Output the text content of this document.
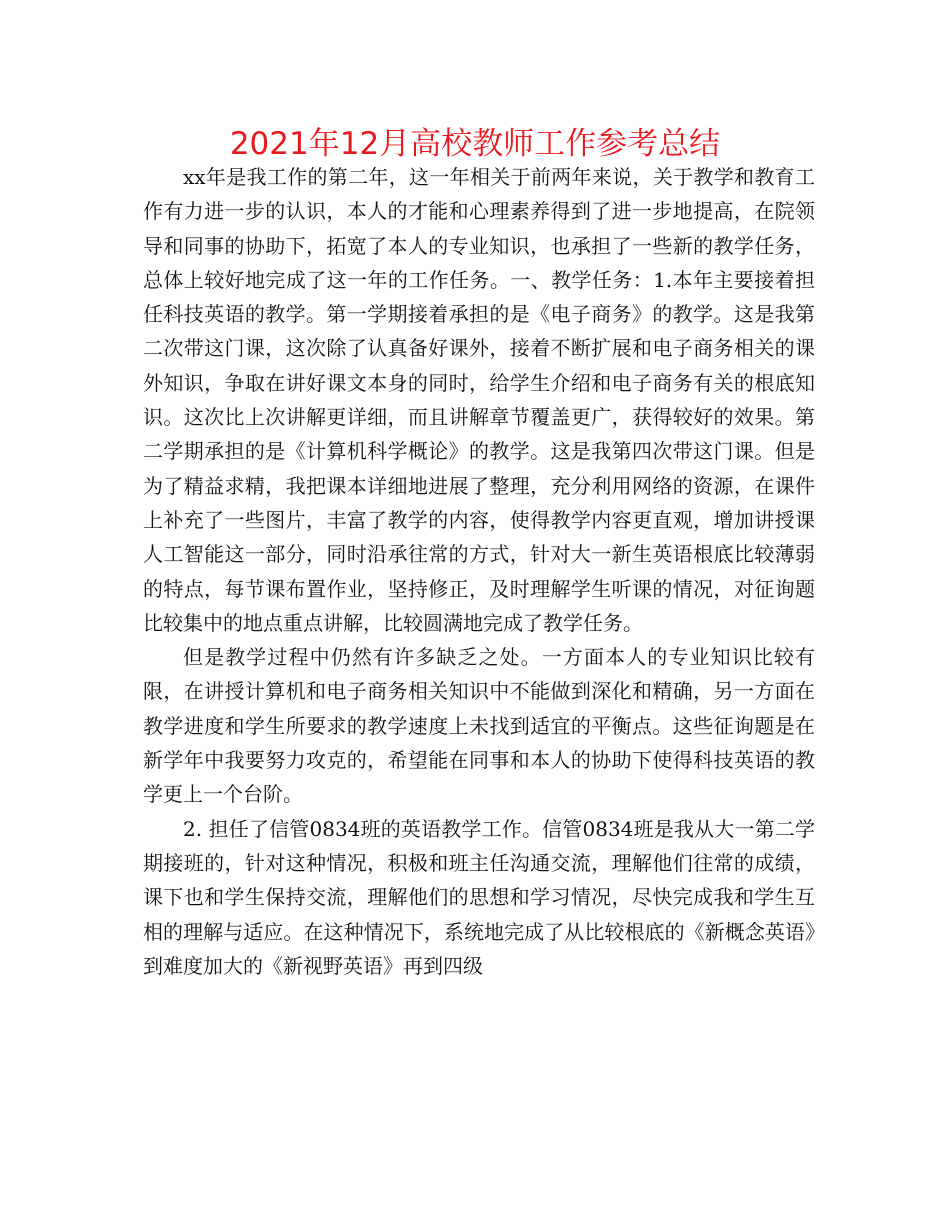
2021年12月高校教师工作参考总结

xx年是我工作的第二年，这一年相关于前两年来说，关于教学和教育工作有力进一步的认识，本人的才能和心理素养得到了进一步地提高，在院领导和同事的协助下，拓宽了本人的专业知识，也承担了一些新的教学任务，总体上较好地完成了这一年的工作任务。一、教学任务：1.本年主要接着担任科技英语的教学。第一学期接着承担的是《电子商务》的教学。这是我第二次带这门课，这次除了认真备好课外，接着不断扩展和电子商务相关的课外知识，争取在讲好课文本身的同时，给学生介绍和电子商务有关的根底知识。这次比上次讲解更详细，而且讲解章节覆盖更广，获得较好的效果。第二学期承担的是《计算机科学概论》的教学。这是我第四次带这门课。但是为了精益求精，我把课本详细地进展了整理，充分利用网络的资源，在课件上补充了一些图片，丰富了教学的内容，使得教学内容更直观，增加讲授课人工智能这一部分，同时沿承往常的方式，针对大一新生英语根底比较薄弱的特点，每节课布置作业，坚持修正，及时理解学生听课的情况，对征询题比较集中的地点重点讲解，比较圆满地完成了教学任务。

但是教学过程中仍然有许多缺乏之处。一方面本人的专业知识比较有限，在讲授计算机和电子商务相关知识中不能做到深化和精确，另一方面在教学进度和学生所要求的教学速度上未找到适宜的平衡点。这些征询题是在新学年中我要努力攻克的，希望能在同事和本人的协助下使得科技英语的教学更上一个台阶。

2. 担任了信管0834班的英语教学工作。信管0834班是我从大一第二学期接班的，针对这种情况，积极和班主任沟通交流，理解他们往常的成绩，课下也和学生保持交流，理解他们的思想和学习情况，尽快完成我和学生互相的理解与适应。在这种情况下，系统地完成了从比较根底的《新概念英语》到难度加大的《新视野英语》再到四级
